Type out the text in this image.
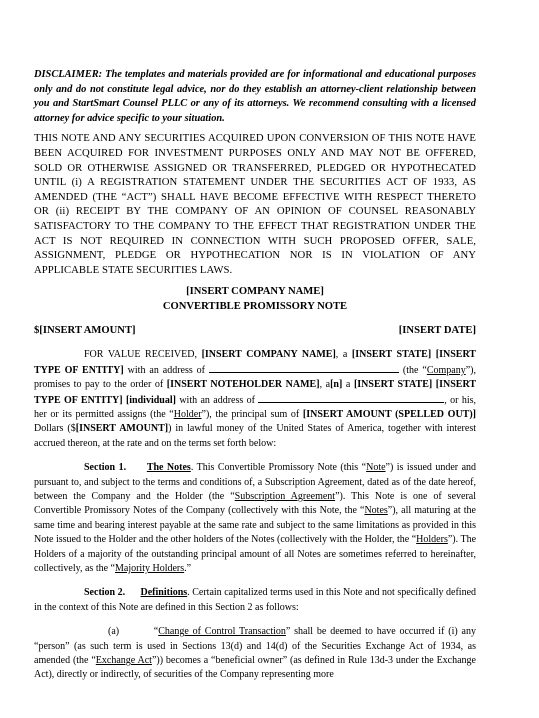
DISCLAIMER: The templates and materials provided are for informational and educational purposes only and do not constitute legal advice, nor do they establish an attorney-client relationship between you and StartSmart Counsel PLLC or any of its attorneys. We recommend consulting with a licensed attorney for advice specific to your situation.

THIS NOTE AND ANY SECURITIES ACQUIRED UPON CONVERSION OF THIS NOTE HAVE BEEN ACQUIRED FOR INVESTMENT PURPOSES ONLY AND MAY NOT BE OFFERED, SOLD OR OTHERWISE ASSIGNED OR TRANSFERRED, PLEDGED OR HYPOTHECATED UNTIL (i) A REGISTRATION STATEMENT UNDER THE SECURITIES ACT OF 1933, AS AMENDED (THE “ACT”) SHALL HAVE BECOME EFFECTIVE WITH RESPECT THERETO OR (ii) RECEIPT BY THE COMPANY OF AN OPINION OF COUNSEL REASONABLY SATISFACTORY TO THE COMPANY TO THE EFFECT THAT REGISTRATION UNDER THE ACT IS NOT REQUIRED IN CONNECTION WITH SUCH PROPOSED OFFER, SALE, ASSIGNMENT, PLEDGE OR HYPOTHECATION NOR IS IN VIOLATION OF ANY APPLICABLE STATE SECURITIES LAWS.

[INSERT COMPANY NAME]

CONVERTIBLE PROMISSORY NOTE

$[INSERT AMOUNT]	[INSERT DATE]

FOR VALUE RECEIVED, [INSERT COMPANY NAME], a [INSERT STATE] [INSERT TYPE OF ENTITY] with an address of	(the “Company”), promises to pay to the order of [INSERT NOTEHOLDER NAME], a[n] a [INSERT STATE] [INSERT TYPE OF ENTITY] [individual] with an address of	, or his, her or its permitted assigns (the “Holder”), the principal sum of [INSERT AMOUNT (SPELLED OUT)] Dollars ($[INSERT AMOUNT]) in lawful money of the United States of America, together with interest accrued thereon, at the rate and on the terms set forth below:

Section 1. The Notes. This Convertible Promissory Note (this “Note”) is issued under and pursuant to, and subject to the terms and conditions of, a Subscription Agreement, dated as of the date hereof, between the Company and the Holder (the “Subscription Agreement”). This Note is one of several Convertible Promissory Notes of the Company (collectively with this Note, the “Notes”), all maturing at the same time and bearing interest payable at the same rate and subject to the same limitations as provided in this Note issued to the Holder and the other holders of the Notes (collectively with the Holder, the “Holders”). The Holders of a majority of the outstanding principal amount of all Notes are sometimes referred to hereinafter, collectively, as the “Majority Holders.”

Section 2. Definitions. Certain capitalized terms used in this Note and not specifically defined in the context of this Note are defined in this Section 2 as follows:

(a)	“Change of Control Transaction” shall be deemed to have occurred if (i) any “person” (as such term is used in Sections 13(d) and 14(d) of the Securities Exchange Act of 1934, as amended (the “Exchange Act”)) becomes a “beneficial owner” (as defined in Rule 13d-3 under the Exchange Act), directly or indirectly, of securities of the Company representing more
